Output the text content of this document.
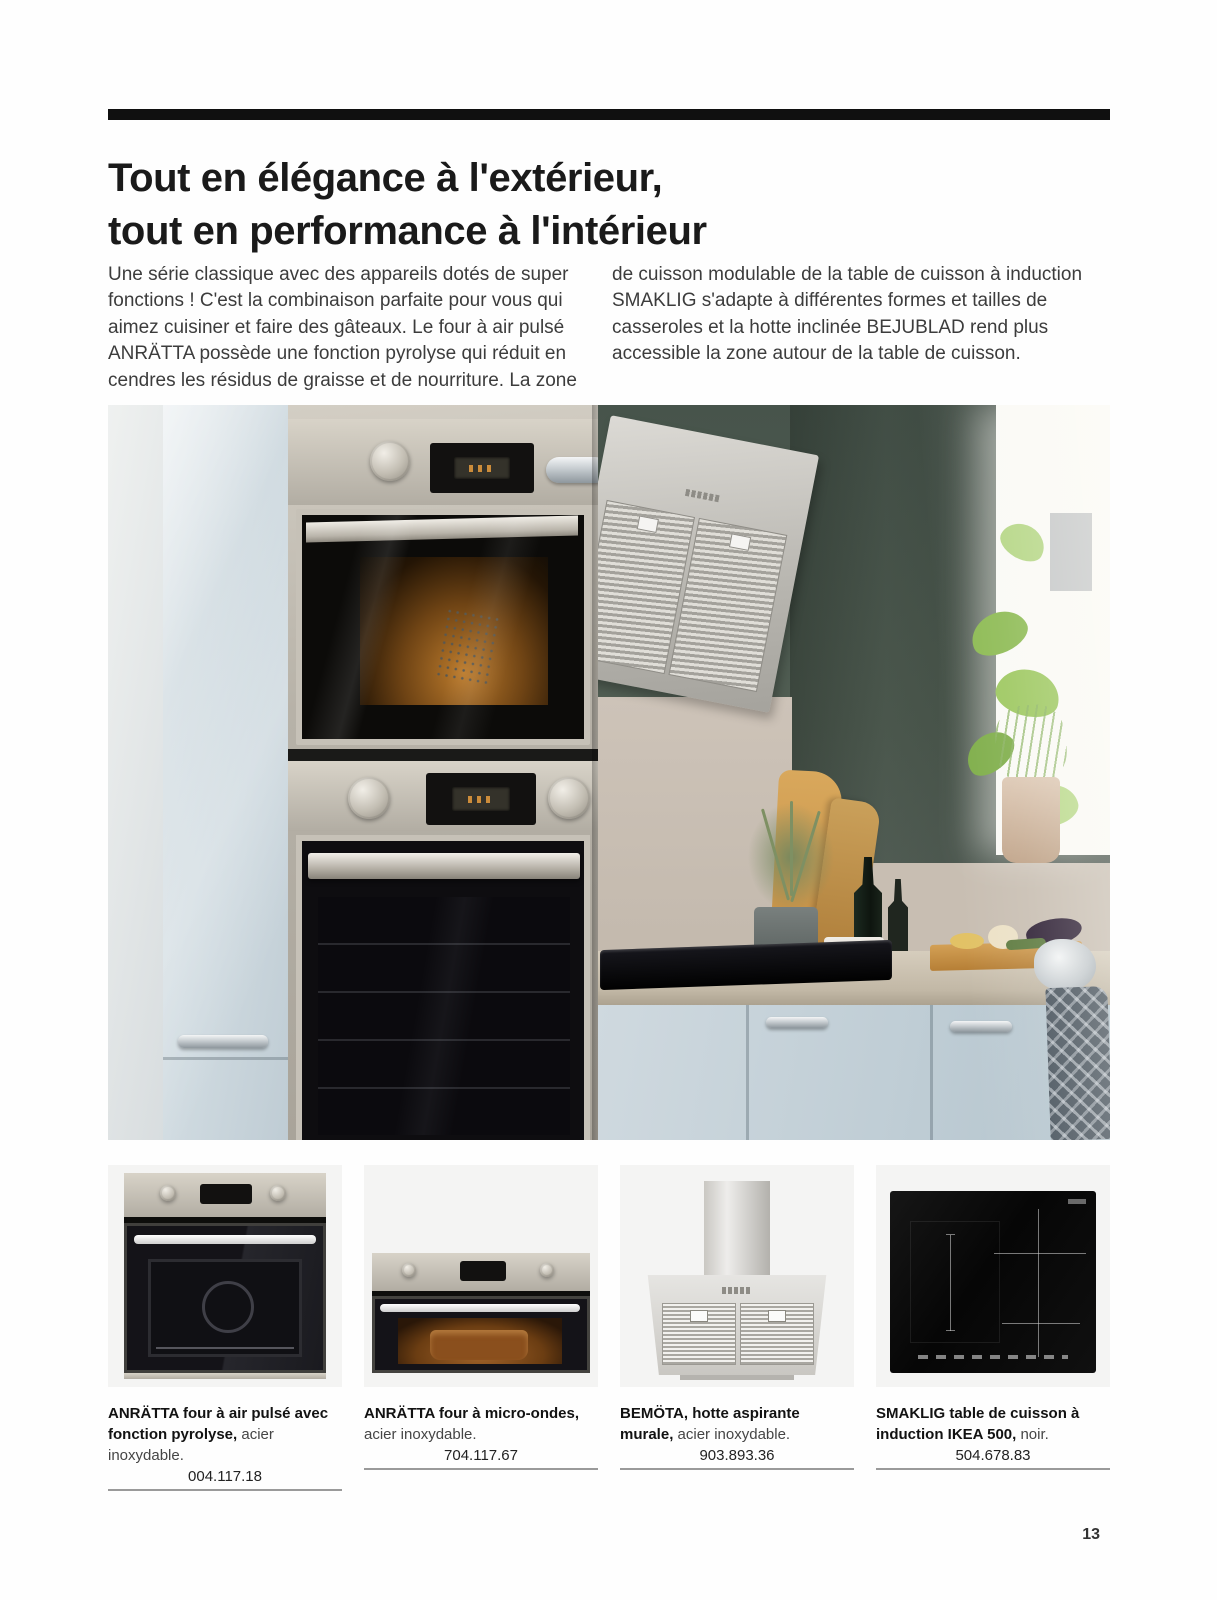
Tout en élégance à l'extérieur,
tout en performance à l'intérieur

Une série classique avec des appareils dotés de super fonctions ! C'est la combinaison parfaite pour vous qui aimez cuisiner et faire des gâteaux. Le four à air pulsé ANRÄTTA possède une fonction pyrolyse qui réduit en cendres les résidus de graisse et de nourriture. La zone

de cuisson modulable de la table de cuisson à induction SMAKLIG s'adapte à différentes formes et tailles de casseroles et la hotte inclinée BEJUBLAD rend plus accessible la zone autour de la table de cuisson.

ANRÄTTA four à air pulsé avec fonction pyrolyse, acier inoxydable.

004.117.18

ANRÄTTA four à micro-ondes, acier inoxydable.

704.117.67

BEMÖTA, hotte aspirante murale, acier inoxydable.

903.893.36

SMAKLIG table de cuisson à induction IKEA 500, noir.

504.678.83
13
